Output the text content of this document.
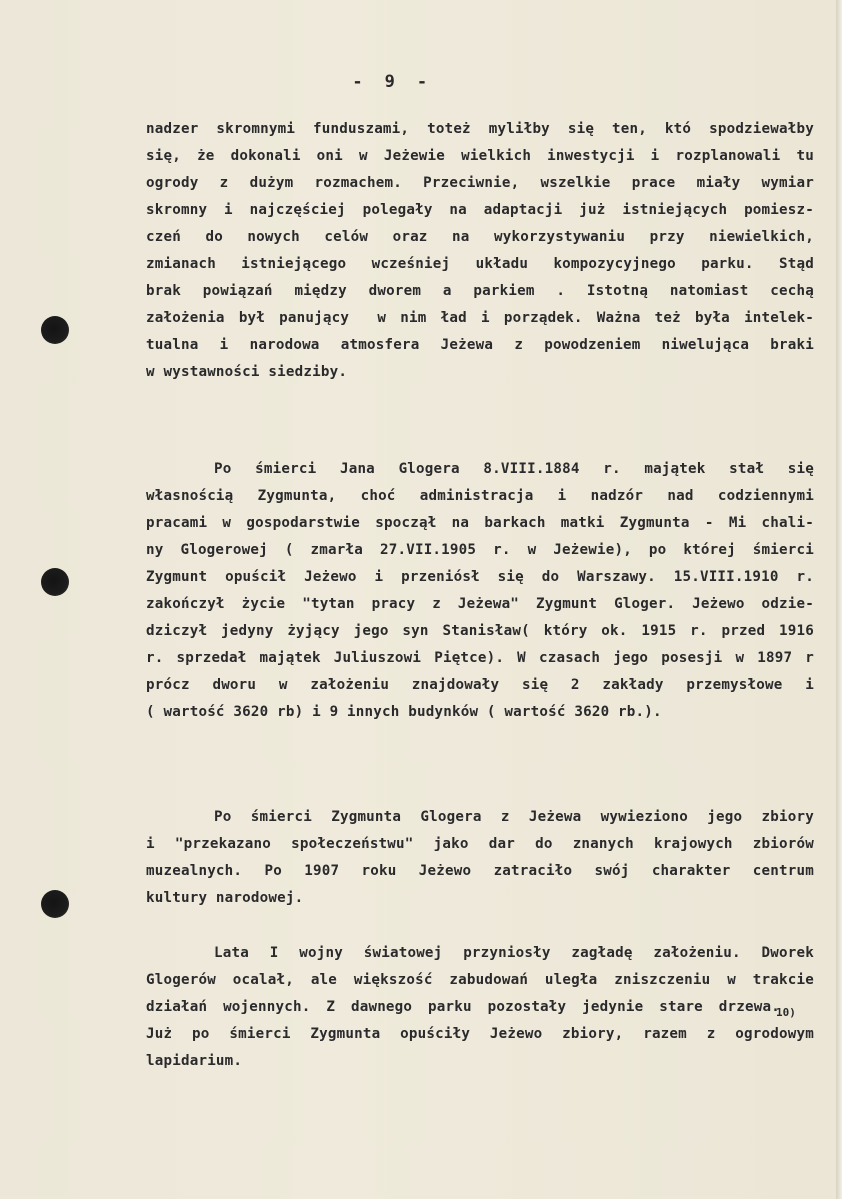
-  9  -
nadzer skromnymi funduszami, toteż myliłby się ten, któ spodziewałby
się, że dokonali oni w Jeżewie wielkich inwestycji i rozplanowali tu
ogrody z dużym rozmachem. Przeciwnie, wszelkie prace miały wymiar
skromny i najczęściej polegały na adaptacji już istniejących pomiesz-
czeń do nowych celów oraz na wykorzystywaniu przy niewielkich,
zmianach istniejącego wcześniej układu kompozycyjnego parku. Stąd
brak powiązań między dworem a parkiem . Istotną natomiast cechą
założenia był panujący  w nim ład i porządek. Ważna też była intelek-
tualna i narodowa atmosfera Jeżewa z powodzeniem niwelująca braki
w wystawności siedziby.
Po śmierci Jana Glogera 8.VIII.1884 r. majątek stał się
własnością Zygmunta, choć administracja i nadzór nad codziennymi
pracami w gospodarstwie spoczął na barkach matki Zygmunta - Mi chali-
ny Glogerowej ( zmarła 27.VII.1905 r. w Jeżewie), po której śmierci
Zygmunt opuścił Jeżewo i przeniósł się do Warszawy. 15.VIII.1910 r.
zakończył życie "tytan pracy z Jeżewa" Zygmunt Gloger. Jeżewo odzie-
dziczył jedyny żyjący jego syn Stanisław( który ok. 1915 r. przed 1916
r. sprzedał majątek Juliuszowi Piętce). W czasach jego posesji w 1897 r
prócz dworu w założeniu znajdowały się 2 zakłady przemysłowe i
( wartość 3620 rb) i 9 innych budynków ( wartość 3620 rb.).
Po śmierci Zygmunta Glogera z Jeżewa wywieziono jego zbiory
i "przekazano społeczeństwu" jako dar do znanych krajowych zbiorów
muzealnych. Po 1907 roku Jeżewo zatraciło swój charakter centrum
kultury narodowej.
Lata I wojny światowej przyniosły zagładę założeniu. Dworek
Glogerów ocalał, ale większość zabudowań uległa zniszczeniu w trakcie
działań wojennych. Z dawnego parku pozostały jedynie stare drzewa.
Już po śmierci Zygmunta opuściły Jeżewo zbiory, razem z ogrodowym
lapidarium.
10)
